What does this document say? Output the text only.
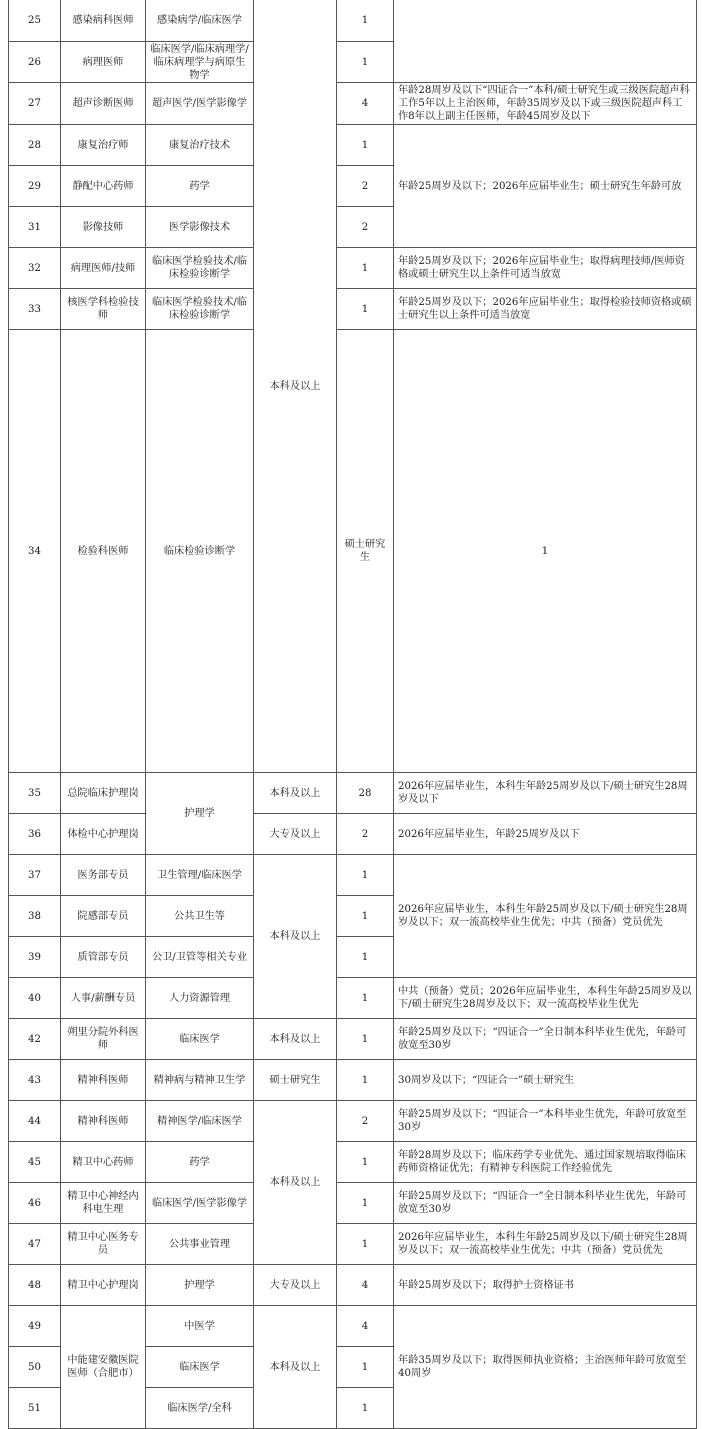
25	感染病科医师	感染病学/临床医学	本科及以上	1		
26	病理医师	临床医学/临床病理学/临床病理学与病原生物学		1		
27	超声诊断医师	超声医学/医学影像学		4	年龄28周岁及以下“四证合一”本科/硕士研究生或三级医院超声科工作5年以上主治医师，年龄35周岁及以下或三级医院超声科工作8年以上副主任医师，年龄45周岁及以下	
28	康复治疗师	康复治疗技术		1	年龄25周岁及以下；2026年应届毕业生；硕士研究生年龄可放	
29	静配中心药师	药学		2		
31	影像技师	医学影像技术		2		
32	病理医师/技师	临床医学检验技术/临床检验诊断学		1	年龄25周岁及以下；2026年应届毕业生；取得病理技师/医师资格或硕士研究生以上条件可适当放宽	
33	核医学科检验技师	临床医学检验技术/临床检验诊断学		1	年龄25周岁及以下；2026年应届毕业生；取得检验技师资格或硕士研究生以上条件可适当放宽	
34	检验科医师	临床检验诊断学		硕士研究生	1	
35	总院临床护理岗	护理学	本科及以上	28	2026年应届毕业生，本科生年龄25周岁及以下/硕士研究生28周岁及以下	
36	体检中心护理岗		大专及以上	2	2026年应届毕业生，年龄25周岁及以下	
37	医务部专员	卫生管理/临床医学	本科及以上	1	2026年应届毕业生，本科生年龄25周岁及以下/硕士研究生28周岁及以下；双一流高校毕业生优先；中共（预备）党员优先	
38	院感部专员	公共卫生等		1		
39	质管部专员	公卫/卫管等相关专业		1		
40	人事/薪酬专员	人力资源管理		1	中共（预备）党员；2026年应届毕业生，本科生年龄25周岁及以下/硕士研究生28周岁及以下；双一流高校毕业生优先	
42	朔里分院外科医师	临床医学	本科及以上	1	年龄25周岁及以下；“四证合一”全日制本科毕业生优先，年龄可放宽至30岁	
43	精神科医师	精神病与精神卫生学	硕士研究生	1	30周岁及以下；“四证合一”硕士研究生	
44	精神科医师	精神医学/临床医学	本科及以上	2	年龄25周岁及以下；“四证合一”本科毕业生优先，年龄可放宽至30岁	
45	精卫中心药师	药学		1	年龄28周岁及以下；临床药学专业优先、通过国家规培取得临床药师资格证优先；有精神专科医院工作经验优先	
46	精卫中心神经内科电生理	临床医学/医学影像学		1	年龄25周岁及以下；“四证合一”全日制本科毕业生优先，年龄可放宽至30岁	
47	精卫中心医务专员	公共事业管理		1	2026年应届毕业生，本科生年龄25周岁及以下/硕士研究生28周岁及以下；双一流高校毕业生优先；中共（预备）党员优先	
48	精卫中心护理岗	护理学	大专及以上	4	年龄25周岁及以下；取得护士资格证书	
49	中能建安徽医院医师（合肥市）	中医学	本科及以上	4	年龄35周岁及以下；取得医师执业资格；主治医师年龄可放宽至40周岁	
50		临床医学		1		
51		临床医学/全科		1		
